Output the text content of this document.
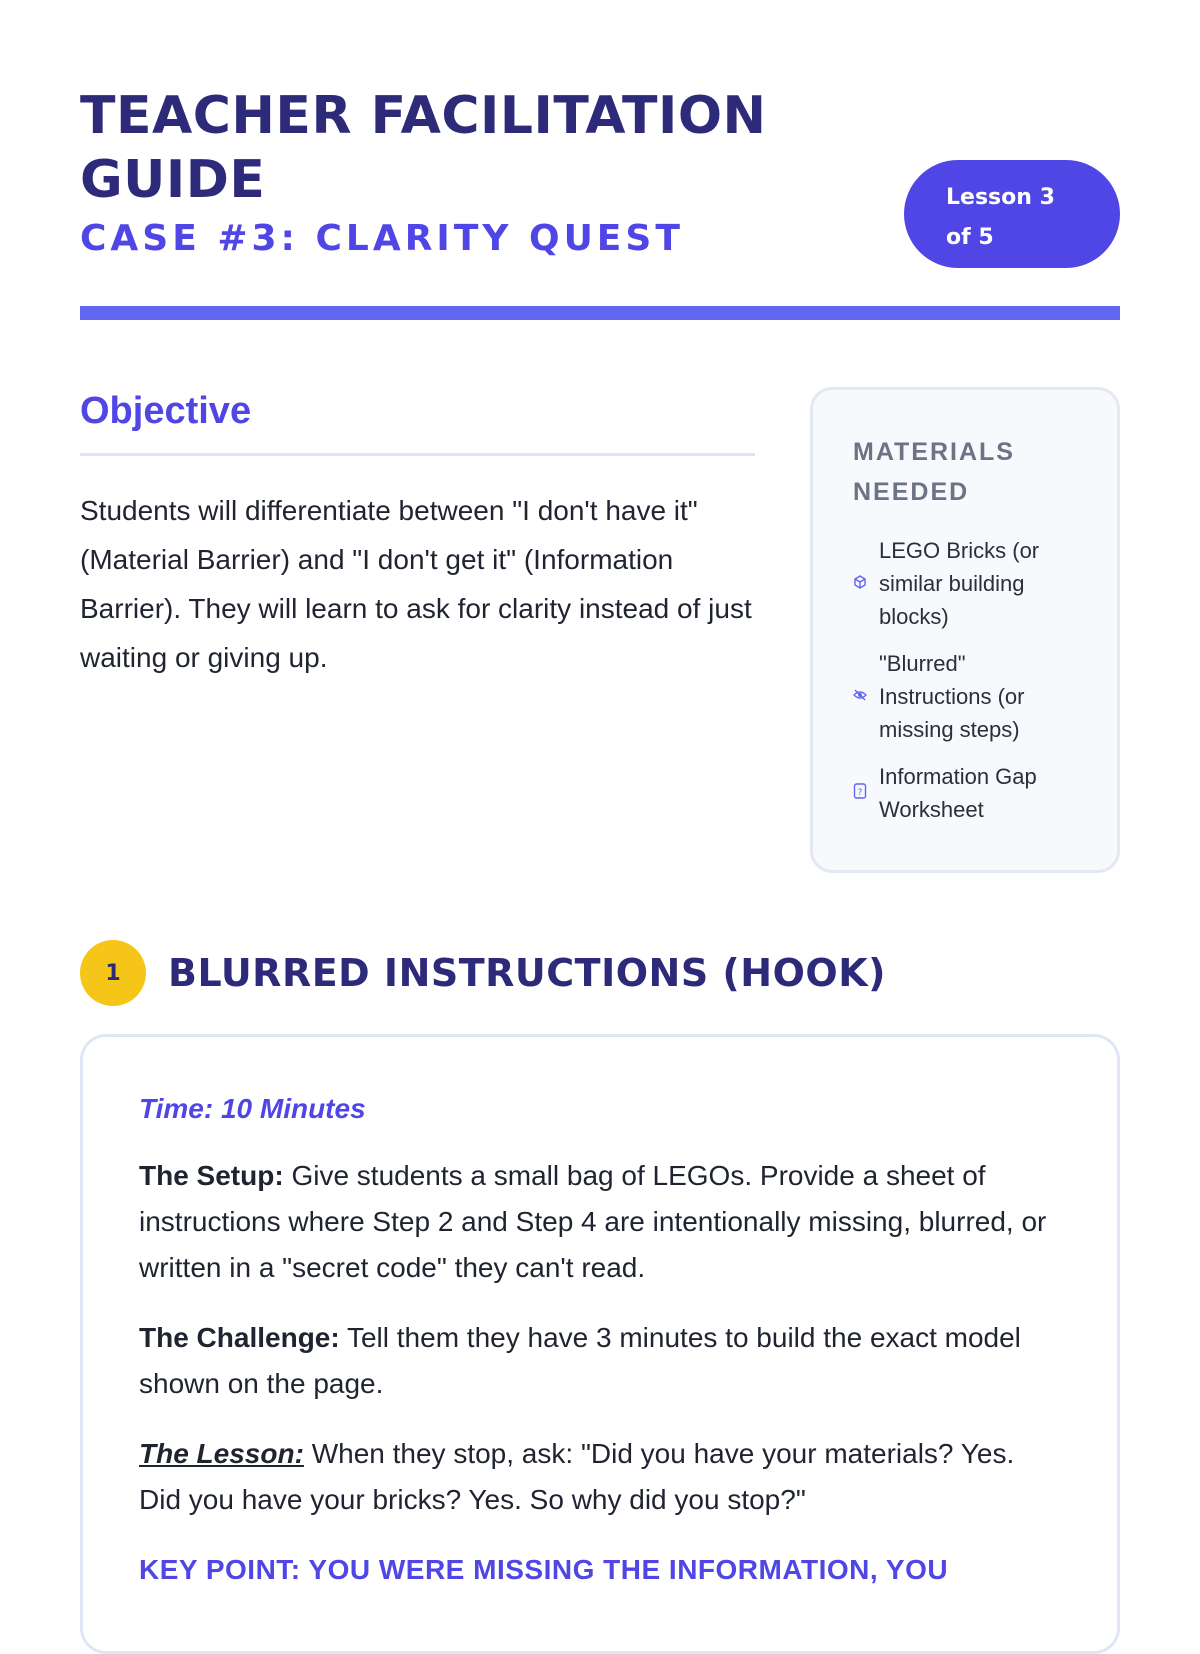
TEACHER FACILITATION GUIDE
CASE #3: CLARITY QUEST
Lesson 3
of 5
Objective

Students will differentiate between "I don't have it" (Material Barrier) and "I don't get it" (Information Barrier). They will learn to ask for clarity instead of just waiting or giving up.

MATERIALS NEEDED
LEGO Bricks (or similar building blocks)
"Blurred" Instructions (or missing steps)
?
Information Gap Worksheet
1	BLURRED INSTRUCTIONS (HOOK)

Time: 10 Minutes

The Setup: Give students a small bag of LEGOs. Provide a sheet of instructions where Step 2 and Step 4 are intentionally missing, blurred, or written in a "secret code" they can't read.

The Challenge: Tell them they have 3 minutes to build the exact model shown on the page.

The Lesson: When they stop, ask: "Did you have your materials? Yes. Did you have your bricks? Yes. So why did you stop?"

KEY POINT: YOU WERE MISSING THE INFORMATION, YOU
